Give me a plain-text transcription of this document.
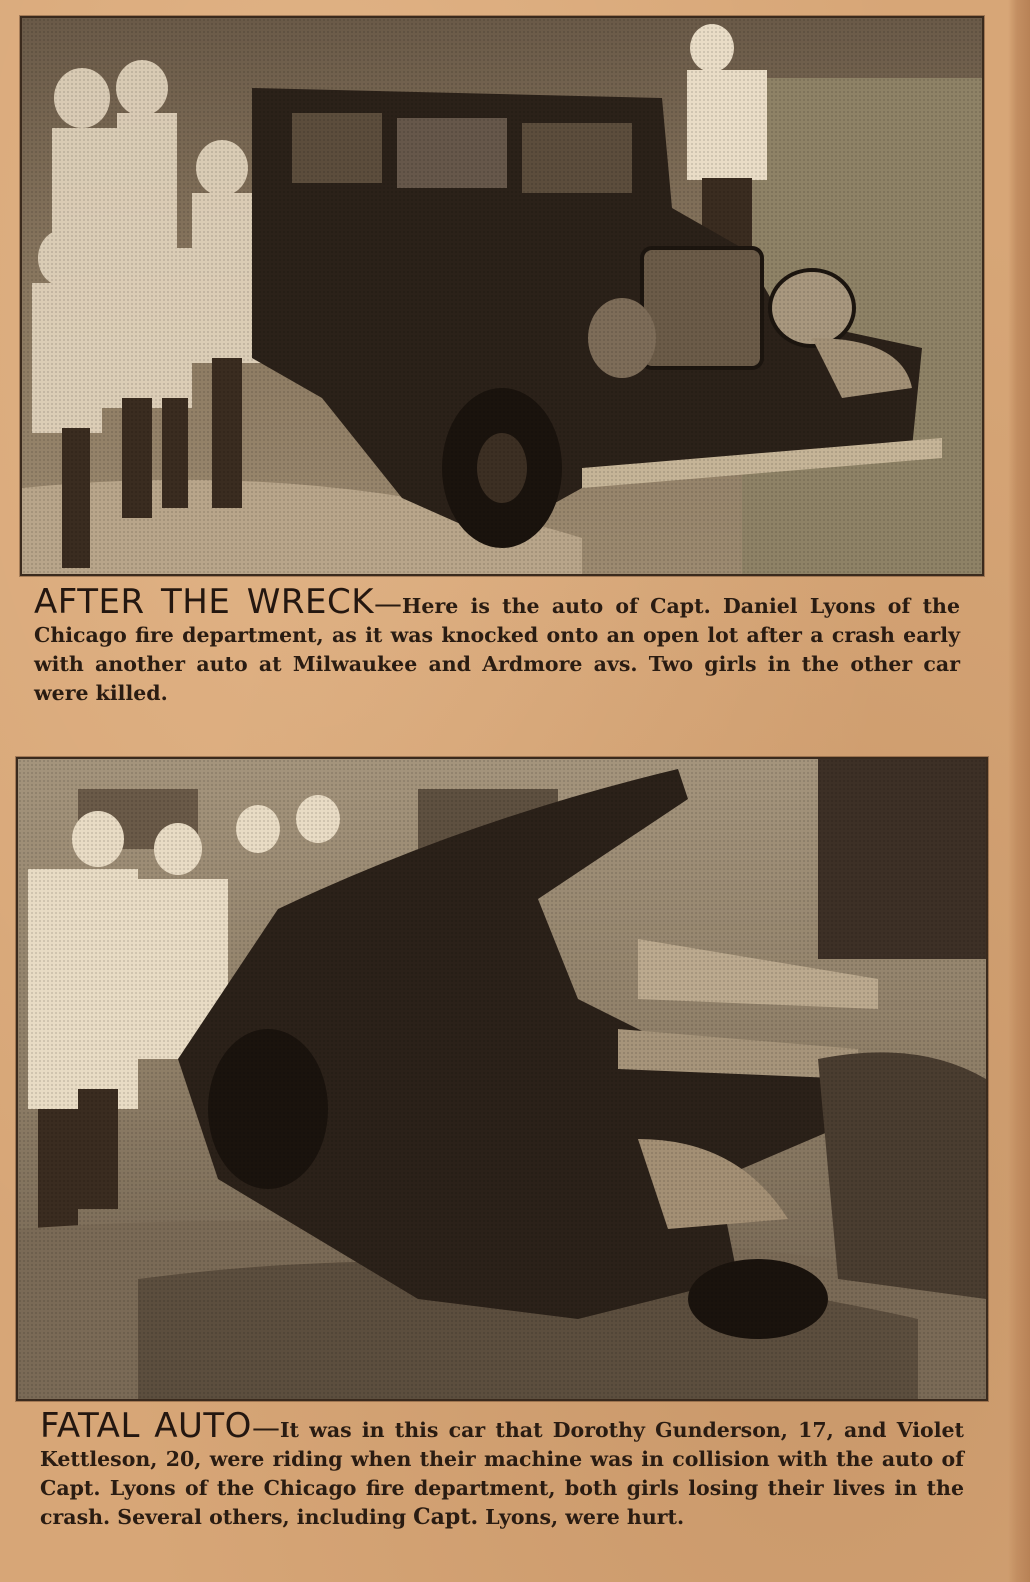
AFTER THE WRECK—Here is the auto of Capt. Daniel Lyons of the Chicago fire department, as it was knocked onto an open lot after a crash early with another auto at Milwaukee and Ardmore avs. Two girls in the other car were killed.

FATAL AUTO—It was in this car that Dorothy Gunderson, 17, and Violet Kettleson, 20, were riding when their machine was in collision with the auto of Capt. Lyons of the Chicago fire department, both girls losing their lives in the crash. Several others, including Capt. Lyons, were hurt.
